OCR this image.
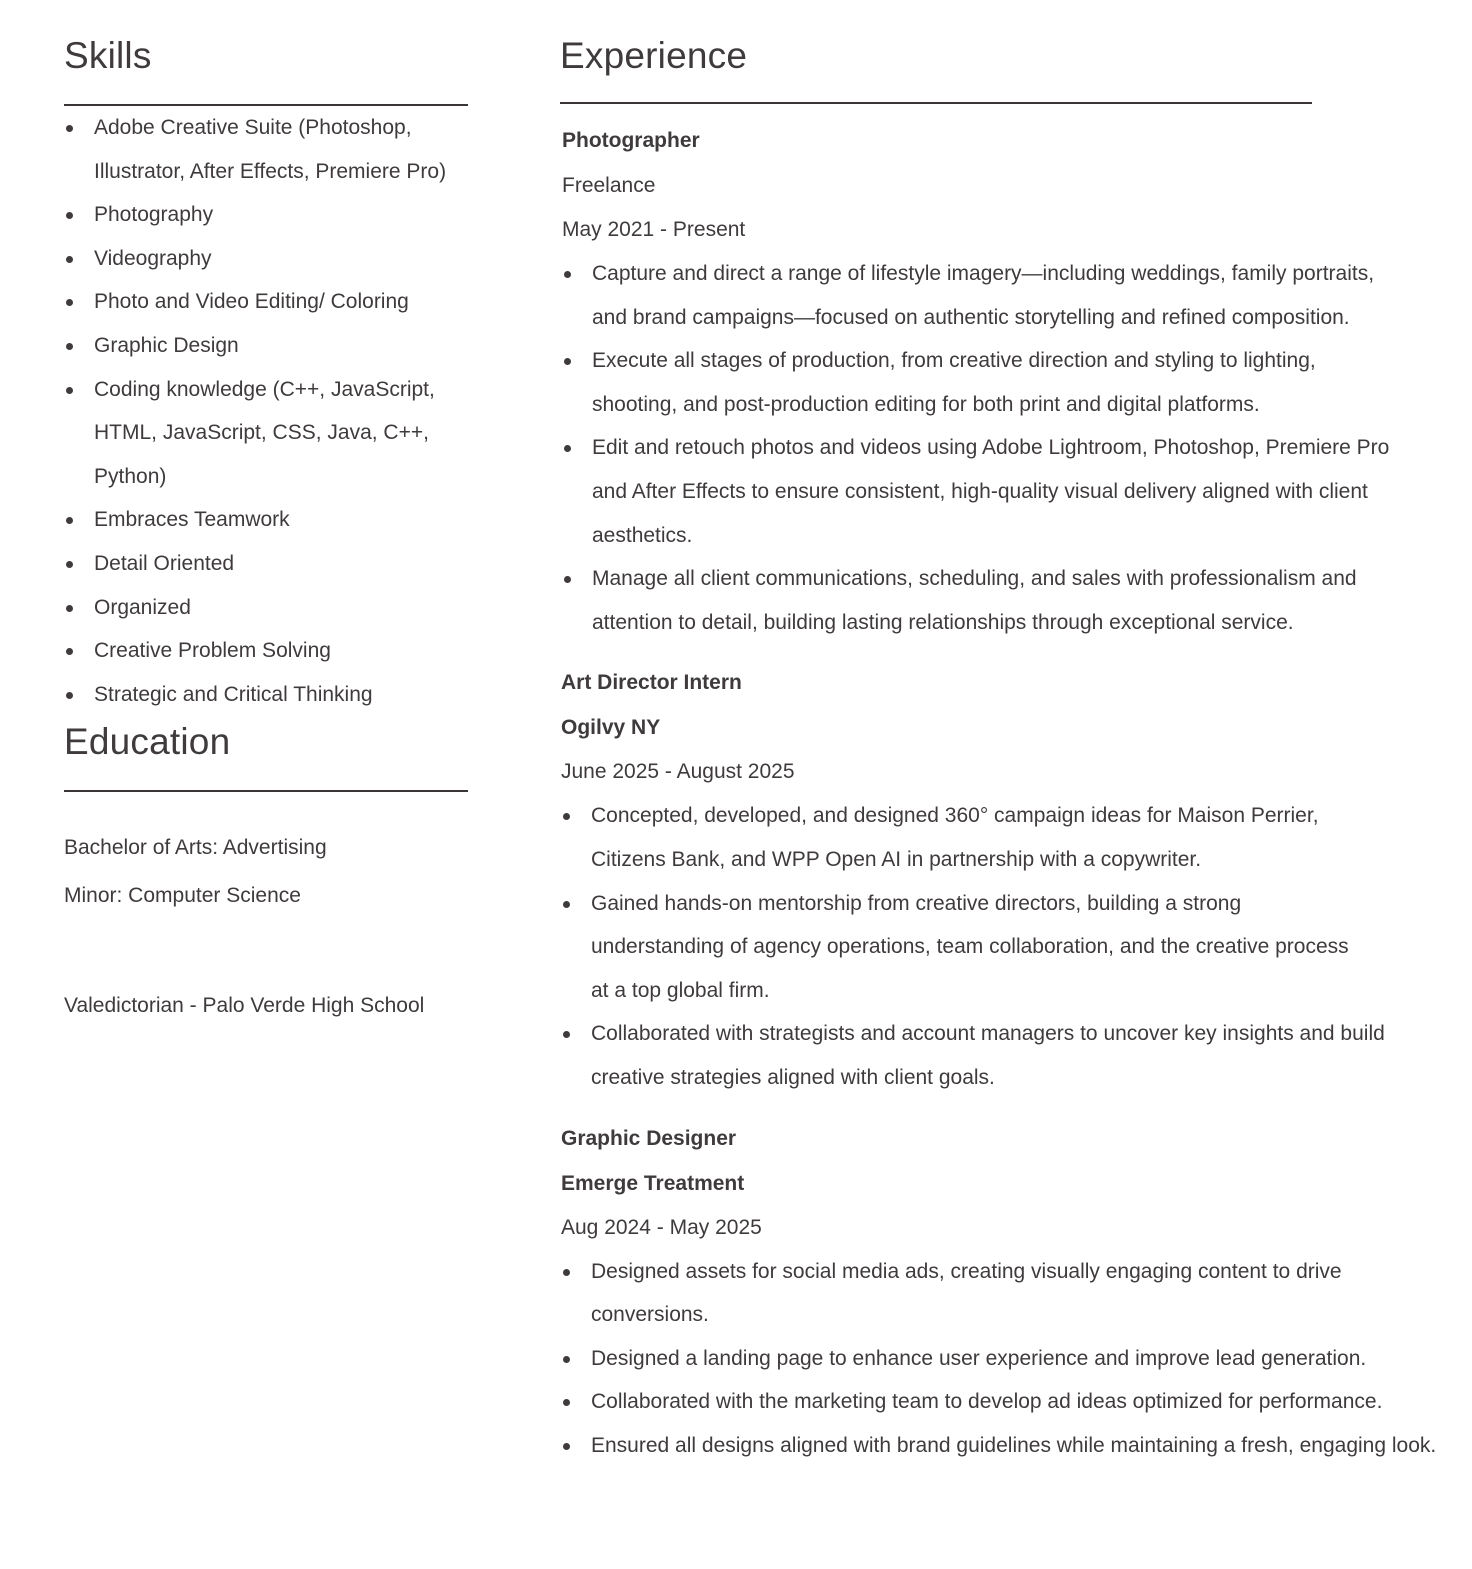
Skills
Adobe Creative Suite (Photoshop, Illustrator, After Effects, Premiere Pro)
Photography
Videography
Photo and Video Editing/ Coloring
Graphic Design
Coding knowledge (C++, JavaScript, HTML, JavaScript, CSS, Java, C++, Python)
Embraces Teamwork
Detail Oriented
Organized
Creative Problem Solving
Strategic and Critical Thinking
Education
Bachelor of Arts: Advertising
Minor: Computer Science
Valedictorian - Palo Verde High School
Experience
Photographer
Freelance
May 2021 - Present
Capture and direct a range of lifestyle imagery—including weddings, family portraits, and brand campaigns—focused on authentic storytelling and refined composition.
Execute all stages of production, from creative direction and styling to lighting, shooting, and post-production editing for both print and digital platforms.
Edit and retouch photos and videos using Adobe Lightroom, Photoshop, Premiere Pro and After Effects to ensure consistent, high-quality visual delivery aligned with client aesthetics.
Manage all client communications, scheduling, and sales with professionalism and attention to detail, building lasting relationships through exceptional service.
Art Director Intern
Ogilvy NY
June 2025 - August 2025
Concepted, developed, and designed 360° campaign ideas for Maison Perrier, Citizens Bank, and WPP Open AI in partnership with a copywriter.
Gained hands-on mentorship from creative directors, building a strong understanding of agency operations, team collaboration, and the creative process at a top global firm.
Collaborated with strategists and account managers to uncover key insights and build creative strategies aligned with client goals.
Graphic Designer
Emerge Treatment
Aug 2024 - May 2025
Designed assets for social media ads, creating visually engaging content to drive conversions.
Designed a landing page to enhance user experience and improve lead generation.
Collaborated with the marketing team to develop ad ideas optimized for performance.
Ensured all designs aligned with brand guidelines while maintaining a fresh, engaging look.
